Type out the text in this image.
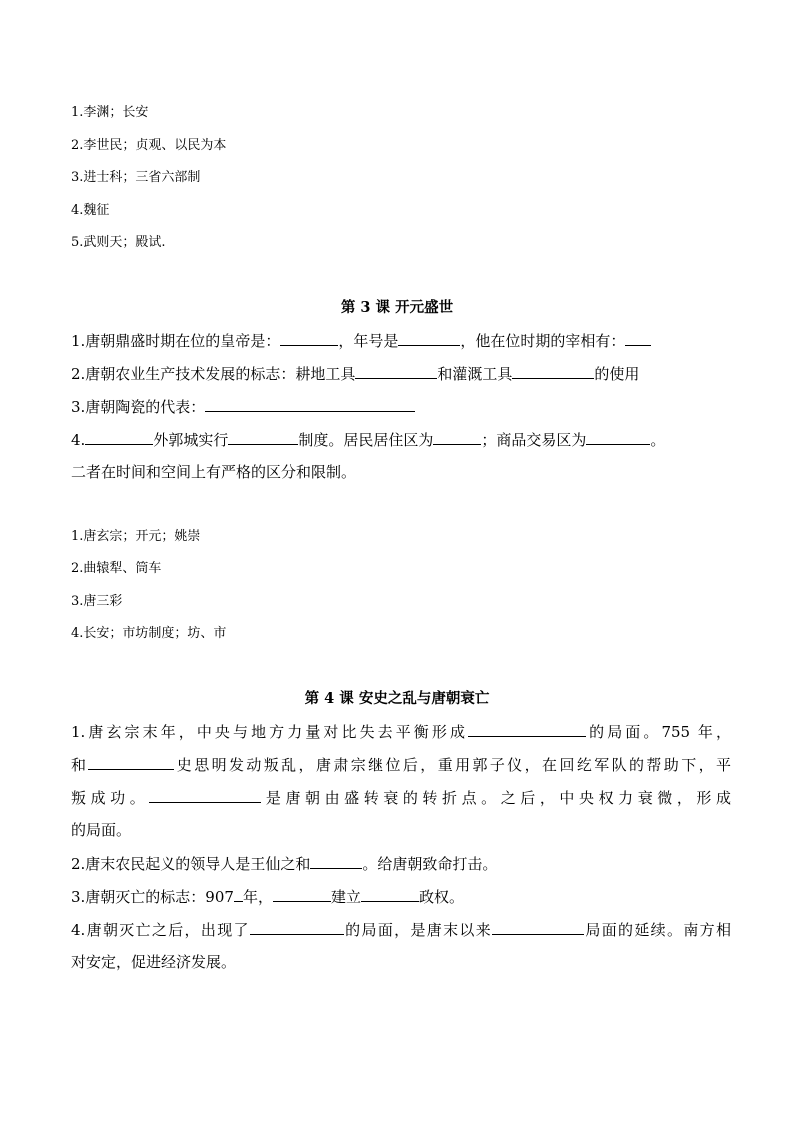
1.李渊；长安
2.李世民；贞观、以民为本
3.进士科；三省六部制
4.魏征
5.武则天；殿试.
第 3 课 开元盛世
1.唐朝鼎盛时期在位的皇帝是：	，年号是	，他在位时期的宰相有：
2.唐朝农业生产技术发展的标志：耕地工具	和灌溉工具	的使用
3.唐朝陶瓷的代表：
4.	外郭城实行	制度。居民居住区为	；商品交易区为	。
二者在时间和空间上有严格的区分和限制。
1.唐玄宗；开元；姚崇
2.曲辕犁、筒车
3.唐三彩
4.长安；市坊制度；坊、市
第 4 课 安史之乱与唐朝衰亡
1.唐玄宗末年，中央与地方力量对比失去平衡形成	的局面。755 年，
和	史思明发动叛乱，唐肃宗继位后，重用郭子仪，在回纥军队的帮助下，平
叛成功。	是唐朝由盛转衰的转折点。之后，中央权力衰微，形成
的局面。
2.唐末农民起义的领导人是王仙之和	。给唐朝致命打击。
3.唐朝灭亡的标志：907 年，	建立	政权。
4.唐朝灭亡之后，出现了	的局面，是唐末以来	局面的延续。南方相
对安定，促进经济发展。
